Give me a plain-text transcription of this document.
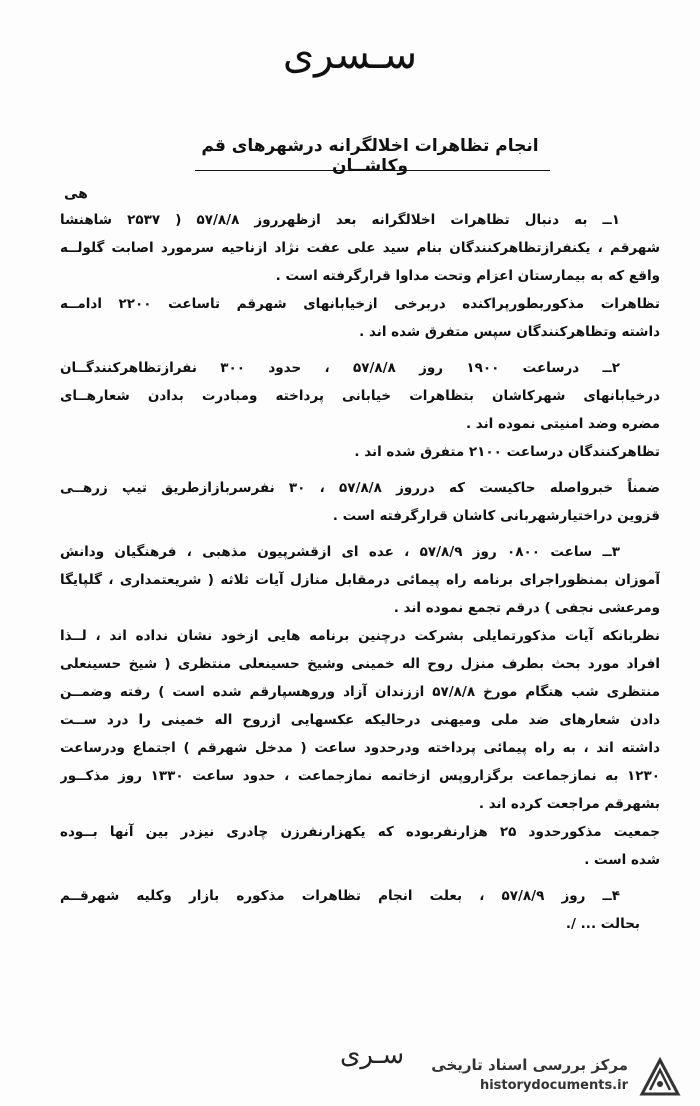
سـسری
انجام تظاهرات اخلالگرانه درشهرهای قم وکاشــان
هی
۱ــ به دنبال تظاهرات اخلالگرانه بعد ازظهرروز ۵۷/۸/۸ ( ۲۵۳۷ شاهنشا
شهرقم ، یکنفرازتظاهرکنندگان بنام سید علی عفت نژاد ازناحیه سرمورد اصابت گلولــه
واقع که به بیمارستان اعزام وتحت مداوا قرارگرفته است .
تظاهرات مذکوربطورپراکنده دربرخی ازخیابانهای شهرقم تاساعت ۲۲۰۰ ادامــه
داشته وتظاهرکنندگان سپس متفرق شده اند .
۲ــ درساعت ۱۹۰۰ روز ۵۷/۸/۸ ، حدود ۳۰۰ نفرازتظاهرکنندگــان
درخیابانهای شهرکاشان بتظاهرات خیابانی پرداخته ومبادرت بدادن شعارهــای
مضره وضد امنیتی نموده اند .
تظاهرکنندگان درساعت ۲۱۰۰ متفرق شده اند .
ضمناً خبرواصله حاکیست که درروز ۵۷/۸/۸ ، ۳۰ نفرسربازازطریق تیپ زرهــی
قزوین دراختیارشهربانی کاشان قرارگرفته است .
۳ــ ساعت ۰۸۰۰ روز ۵۷/۸/۹ ، عده ای ازقشرپیون مذهبی ، فرهنگیان ودانش
آموزان بمنظوراجرای برنامه راه پیمائی درمقابل منازل آیات ثلاثه ( شریعتمداری ، گلپایگا
ومرعشی نجفی ) درقم تجمع نموده اند .
نظربانکه آیات مذکورتمایلی بشرکت درچنین برنامه هایی ازخود نشان نداده اند ، لــذا
افراد مورد بحث بطرف منزل روح اله خمینی وشیخ حسینعلی منتظری ( شیخ حسینعلی
منتظری شب هنگام مورخ ۵۷/۸/۸ اززندان آزاد وروهسپارقم شده است ) رفته وضمــن
دادن شعارهای ضد ملی ومیهنی درحالیکه عکسهایی ازروح اله خمینی را درد ســت
داشته اند ، به راه پیمائی پرداخته ودرحدود ساعت ( مدخل شهرقم ) اجتماع ودرساعت
۱۲۳۰ به نمازجماعت برگزاروپس ازخاتمه نمازجماعت ، حدود ساعت ۱۳۳۰ روز مذکــور
بشهرقم مراجعت کرده اند .
جمعیت مذکورحدود ۲۵ هزارنفربوده که یکهزارنفرزن چادری نیزدر بین آنها بــوده
شده است .
۴ــ روز ۵۷/۸/۹ ، بعلت انجام تظاهرات مذکوره بازار وکلیه شهرقــم
بحالت ... /.
سـری مرکز بررسی اسناد تاریخی
historydocuments.ir
